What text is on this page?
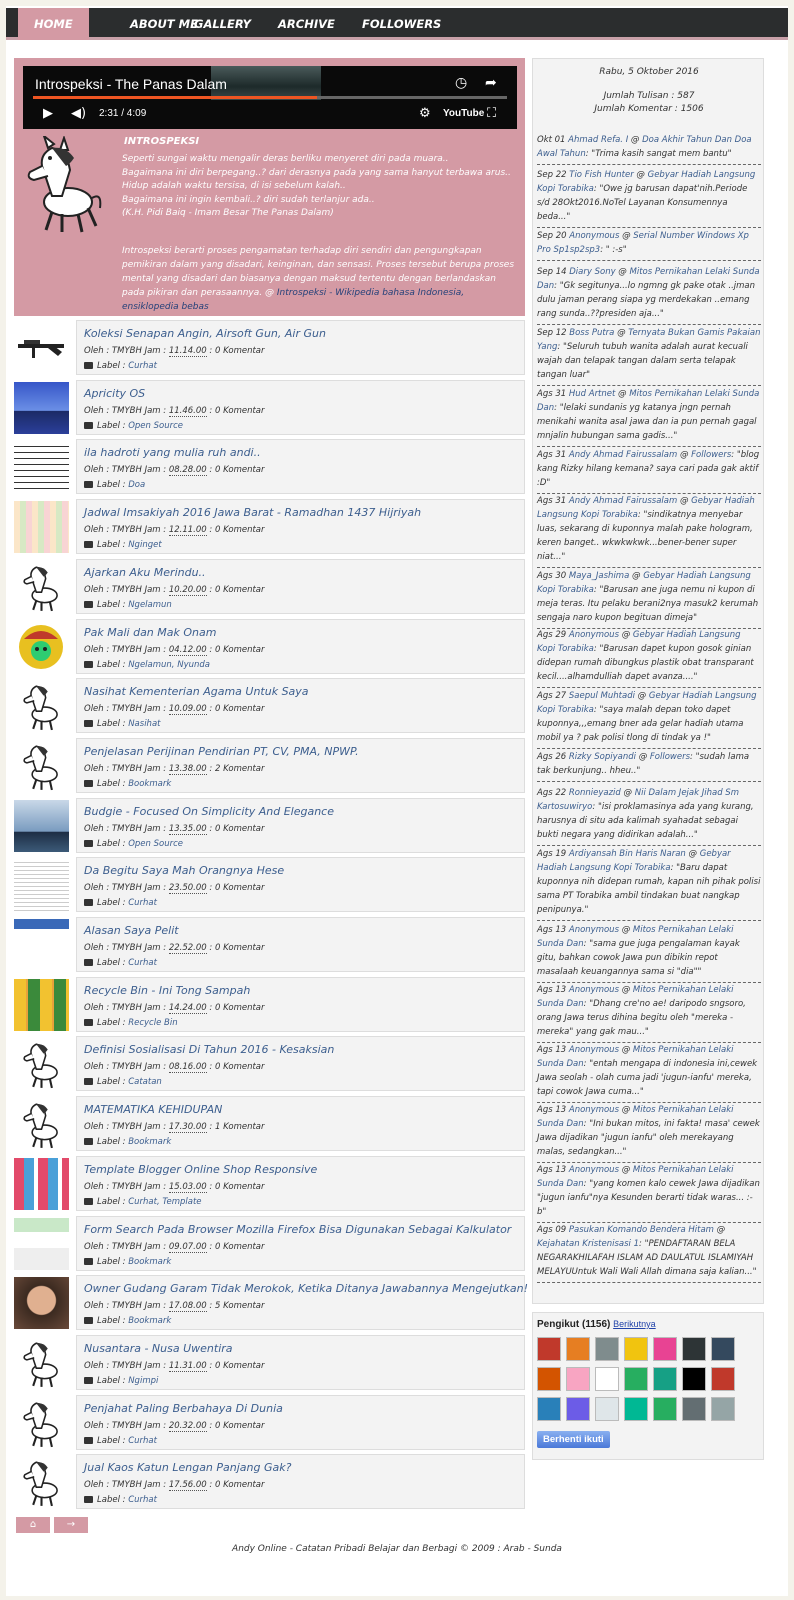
HOME	ABOUT ME
GALLERY	ARCHIVE	FOLLOWERS
Introspeksi - The Panas Dalam	◷ ➦
▶ ◀) 2:31 / 4:09	⚙ YouTube ⛶
INTROSPEKSI
Seperti sungai waktu mengalir deras berliku menyeret diri pada muara..
Bagaimana ini diri berpegang..? dari derasnya pada yang sama hanyut terbawa arus..
Hidup adalah waktu tersisa, di isi sebelum kalah..
Bagaimana ini ingin kembali..? diri sudah terlanjur ada..
(K.H. Pidi Baiq - Imam Besar The Panas Dalam)
Introspeksi berarti proses pengamatan terhadap diri sendiri dan pengungkapan pemikiran dalam yang disadari, keinginan, dan sensasi. Proses tersebut berupa proses mental yang disadari dan biasanya dengan maksud tertentu dengan berlandaskan pada pikiran dan perasaannya. @ Introspeksi - Wikipedia bahasa Indonesia, ensiklopedia bebas
Koleksi Senapan Angin, Airsoft Gun, Air Gun
Oleh : TMYBH Jam : 11.14.00 : 0 Komentar
Label : Curhat
Apricity OS
Oleh : TMYBH Jam : 11.46.00 : 0 Komentar
Label : Open Source
ila hadroti yang mulia ruh andi..
Oleh : TMYBH Jam : 08.28.00 : 0 Komentar
Label : Doa
Jadwal Imsakiyah 2016 Jawa Barat - Ramadhan 1437 Hijriyah
Oleh : TMYBH Jam : 12.11.00 : 0 Komentar
Label : Nginget
Ajarkan Aku Merindu..
Oleh : TMYBH Jam : 10.20.00 : 0 Komentar
Label : Ngelamun
Pak Mali dan Mak Onam
Oleh : TMYBH Jam : 04.12.00 : 0 Komentar
Label : Ngelamun, Nyunda
Nasihat Kementerian Agama Untuk Saya
Oleh : TMYBH Jam : 10.09.00 : 0 Komentar
Label : Nasihat
Penjelasan Perijinan Pendirian PT, CV, PMA, NPWP.
Oleh : TMYBH Jam : 13.38.00 : 2 Komentar
Label : Bookmark
Budgie - Focused On Simplicity And Elegance
Oleh : TMYBH Jam : 13.35.00 : 0 Komentar
Label : Open Source
Da Begitu Saya Mah Orangnya Hese
Oleh : TMYBH Jam : 23.50.00 : 0 Komentar
Label : Curhat
Alasan Saya Pelit
Oleh : TMYBH Jam : 22.52.00 : 0 Komentar
Label : Curhat
Recycle Bin - Ini Tong Sampah
Oleh : TMYBH Jam : 14.24.00 : 0 Komentar
Label : Recycle Bin
Definisi Sosialisasi Di Tahun 2016 - Kesaksian
Oleh : TMYBH Jam : 08.16.00 : 0 Komentar
Label : Catatan
MATEMATIKA KEHIDUPAN
Oleh : TMYBH Jam : 17.30.00 : 1 Komentar
Label : Bookmark
Template Blogger Online Shop Responsive
Oleh : TMYBH Jam : 15.03.00 : 0 Komentar
Label : Curhat, Template
Form Search Pada Browser Mozilla Firefox Bisa Digunakan Sebagai Kalkulator
Oleh : TMYBH Jam : 09.07.00 : 0 Komentar
Label : Bookmark
Owner Gudang Garam Tidak Merokok, Ketika Ditanya Jawabannya Mengejutkan!
Oleh : TMYBH Jam : 17.08.00 : 5 Komentar
Label : Bookmark
Nusantara - Nusa Uwentira
Oleh : TMYBH Jam : 11.31.00 : 0 Komentar
Label : Ngimpi
Penjahat Paling Berbahaya Di Dunia
Oleh : TMYBH Jam : 20.32.00 : 0 Komentar
Label : Curhat
Jual Kaos Katun Lengan Panjang Gak?
Oleh : TMYBH Jam : 17.56.00 : 0 Komentar
Label : Curhat
⌂	→
Andy Online - Catatan Pribadi Belajar dan Berbagi © 2009 : Arab - Sunda
Rabu, 5 Oktober 2016
Jumlah Tulisan : 587
Jumlah Komentar : 1506
Okt 01 Ahmad Refa. I @ Doa Akhir Tahun Dan Doa Awal Tahun: "Trima kasih sangat mem bantu"
Sep 22 Tio Fish Hunter @ Gebyar Hadiah Langsung Kopi Torabika: "Owe jg barusan dapat'nih.Periode s/d 28Okt2016.NoTel Layanan Konsumennya beda..."
Sep 20 Anonymous @ Serial Number Windows Xp Pro Sp1sp2sp3: " :-s"
Sep 14 Diary Sony @ Mitos Pernikahan Lelaki Sunda Dan: "Gk segitunya...lo ngmng gk pake otak ..jman dulu jaman perang siapa yg merdekakan ..emang rang sunda..??presiden aja..."
Sep 12 Boss Putra @ Ternyata Bukan Gamis Pakaian Yang: "Seluruh tubuh wanita adalah aurat kecuali wajah dan telapak tangan dalam serta telapak tangan luar"
Ags 31 Hud Artnet @ Mitos Pernikahan Lelaki Sunda Dan: "lelaki sundanis yg katanya jngn pernah menikahi wanita asal jawa dan ia pun pernah gagal mnjalin hubungan sama gadis..."
Ags 31 Andy Ahmad Fairussalam @ Followers: "blog kang Rizky hilang kemana? saya cari pada gak aktif :D"
Ags 31 Andy Ahmad Fairussalam @ Gebyar Hadiah Langsung Kopi Torabika: "sindikatnya menyebar luas, sekarang di kuponnya malah pake hologram, keren banget.. wkwkwkwk...bener-bener super niat..."
Ags 30 Maya_Jashima @ Gebyar Hadiah Langsung Kopi Torabika: "Barusan ane juga nemu ni kupon di meja teras. Itu pelaku berani2nya masuk2 kerumah sengaja naro kupon begituan dimeja"
Ags 29 Anonymous @ Gebyar Hadiah Langsung Kopi Torabika: "Barusan dapet kupon gosok ginian didepan rumah dibungkus plastik obat transparant kecil....alhamdulliah dapet avanza...."
Ags 27 Saepul Muhtadi @ Gebyar Hadiah Langsung Kopi Torabika: "saya malah depan toko dapet kuponnya,,,emang bner ada gelar hadiah utama mobil ya ? pak polisi tlong di tindak ya !"
Ags 26 Rizky Sopiyandi @ Followers: "sudah lama tak berkunjung.. hheu.."
Ags 22 Ronnieyazid @ Nii Dalam Jejak Jihad Sm Kartosuwiryo: "isi proklamasinya ada yang kurang, harusnya di situ ada kalimah syahadat sebagai bukti negara yang didirikan adalah..."
Ags 19 Ardiyansah Bin Haris Naran @ Gebyar Hadiah Langsung Kopi Torabika: "Baru dapat kuponnya nih didepan rumah, kapan nih pihak polisi sama PT Torabika ambil tindakan buat nangkap penipunya."
Ags 13 Anonymous @ Mitos Pernikahan Lelaki Sunda Dan: "sama gue juga pengalaman kayak gitu, bahkan cowok Jawa pun dibikin repot masalaah keuangannya sama si "dia""
Ags 13 Anonymous @ Mitos Pernikahan Lelaki Sunda Dan: "Dhang cre'no ae! daripodo sngsoro, orang Jawa terus dihina begitu oleh "mereka - mereka" yang gak mau..."
Ags 13 Anonymous @ Mitos Pernikahan Lelaki Sunda Dan: "entah mengapa di indonesia ini,cewek Jawa seolah - olah cuma jadi 'jugun-ianfu' mereka, tapi cowok Jawa cuma..."
Ags 13 Anonymous @ Mitos Pernikahan Lelaki Sunda Dan: "Ini bukan mitos, ini fakta! masa' cewek Jawa dijadikan "jugun ianfu" oleh merekayang malas, sedangkan..."
Ags 13 Anonymous @ Mitos Pernikahan Lelaki Sunda Dan: "yang komen kalo cewek Jawa dijadikan "jugun ianfu"nya Kesunden berarti tidak waras... :-b"
Ags 09 Pasukan Komando Bendera Hitam @ Kejahatan Kristenisasi 1: "PENDAFTARAN BELA NEGARAKHILAFAH ISLAM AD DAULATUL ISLAMIYAH MELAYUUntuk Wali Wali Allah dimana saja kalian..."
Pengikut (1156) Berikutnya
Berhenti ikuti
